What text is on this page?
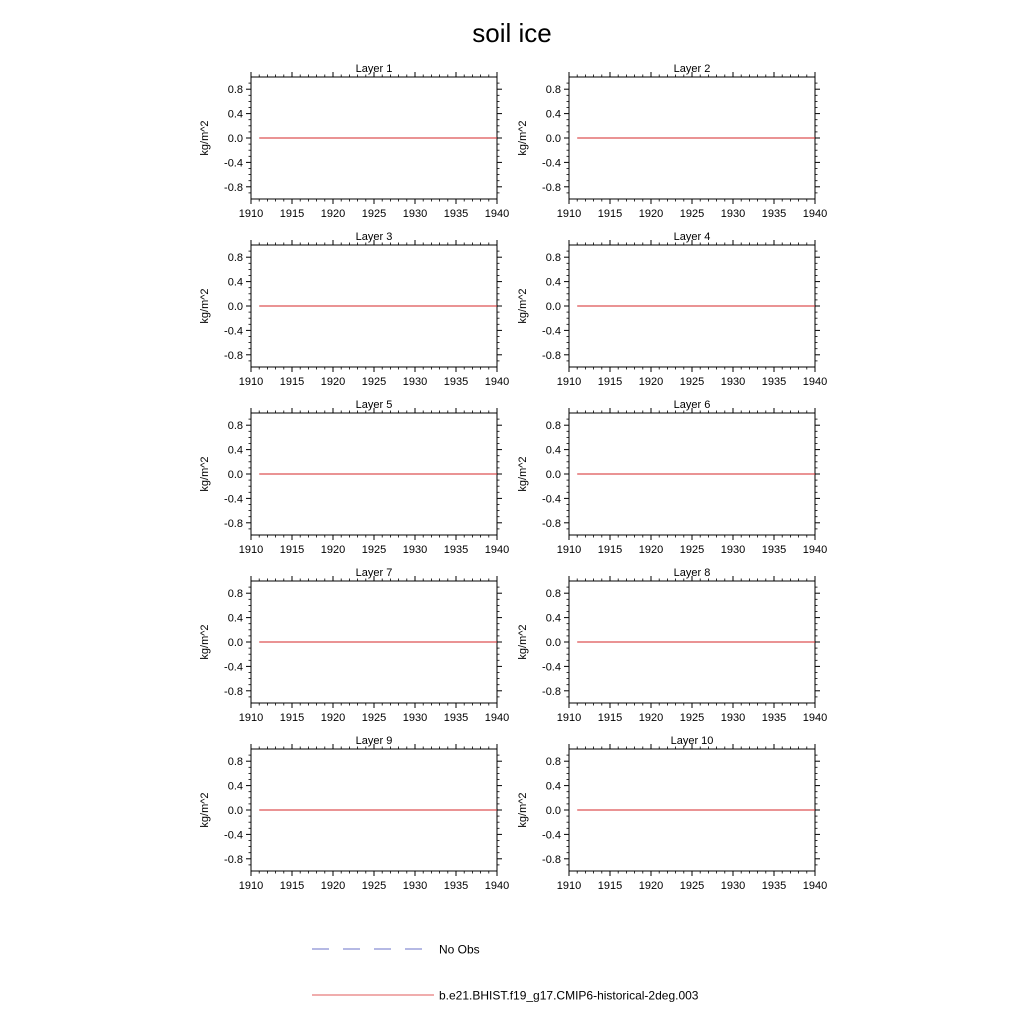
soil ice
Layer 1
kg/m^2
1910 1915 1920 1925 1930 1935 1940
0.8
0.4
0.0
-0.4
-0.8
Layer 2
kg/m^2
1910 1915 1920 1925 1930 1935 1940
0.8
0.4
0.0
-0.4
-0.8
Layer 3
kg/m^2
1910 1915 1920 1925 1930 1935 1940
0.8
0.4
0.0
-0.4
-0.8
Layer 4
kg/m^2
1910 1915 1920 1925 1930 1935 1940
0.8
0.4
0.0
-0.4
-0.8
Layer 5
kg/m^2
1910 1915 1920 1925 1930 1935 1940
0.8
0.4
0.0
-0.4
-0.8
Layer 6
kg/m^2
1910 1915 1920 1925 1930 1935 1940
0.8
0.4
0.0
-0.4
-0.8
Layer 7
kg/m^2
1910 1915 1920 1925 1930 1935 1940
0.8
0.4
0.0
-0.4
-0.8
Layer 8
kg/m^2
1910 1915 1920 1925 1930 1935 1940
0.8
0.4
0.0
-0.4
-0.8
Layer 9
kg/m^2
1910 1915 1920 1925 1930 1935 1940
0.8
0.4
0.0
-0.4
-0.8
Layer 10
kg/m^2
1910 1915 1920 1925 1930 1935 1940
0.8
0.4
0.0
-0.4
-0.8
No Obs
b.e21.BHIST.f19_g17.CMIP6-historical-2deg.003
